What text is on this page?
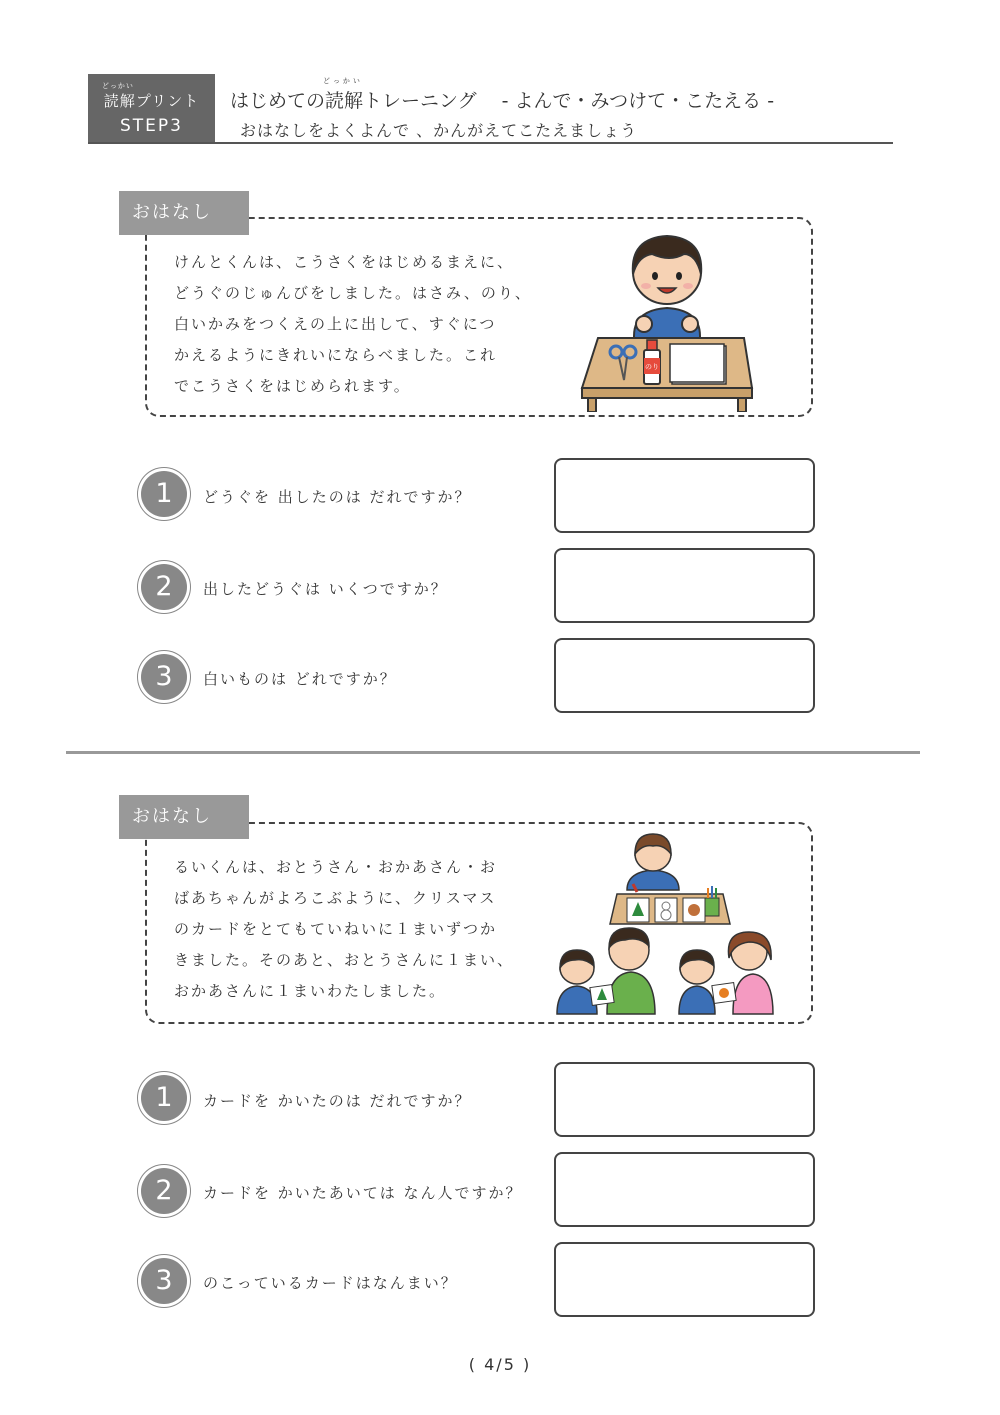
どっかい
読解プリント
STEP3
どっかい
はじめての読解トレーニング　 - よんで・みつけて・こたえる -
おはなしをよくよんで 、かんがえてこたえましょう
おはなし
けんとくんは、こうさくをはじめるまえに、
どうぐのじゅんびをしました。はさみ、のり、
白いかみをつくえの上に出して、すぐにつ
かえるようにきれいにならべました。これ
でこうさくをはじめられます。
のり
1	どうぐを 出したのは だれですか？
2	出したどうぐは いくつですか？
3	白いものは どれですか？
おはなし
るいくんは、おとうさん・おかあさん・お
ばあちゃんがよろこぶように、クリスマス
のカードをとてもていねいに１まいずつか
きました。そのあと、おとうさんに１まい、
おかあさんに１まいわたしました。
1	カードを かいたのは だれですか？
2	カードを かいたあいては なん人ですか？
3	のこっているカードはなんまい？
( 4/5 )
